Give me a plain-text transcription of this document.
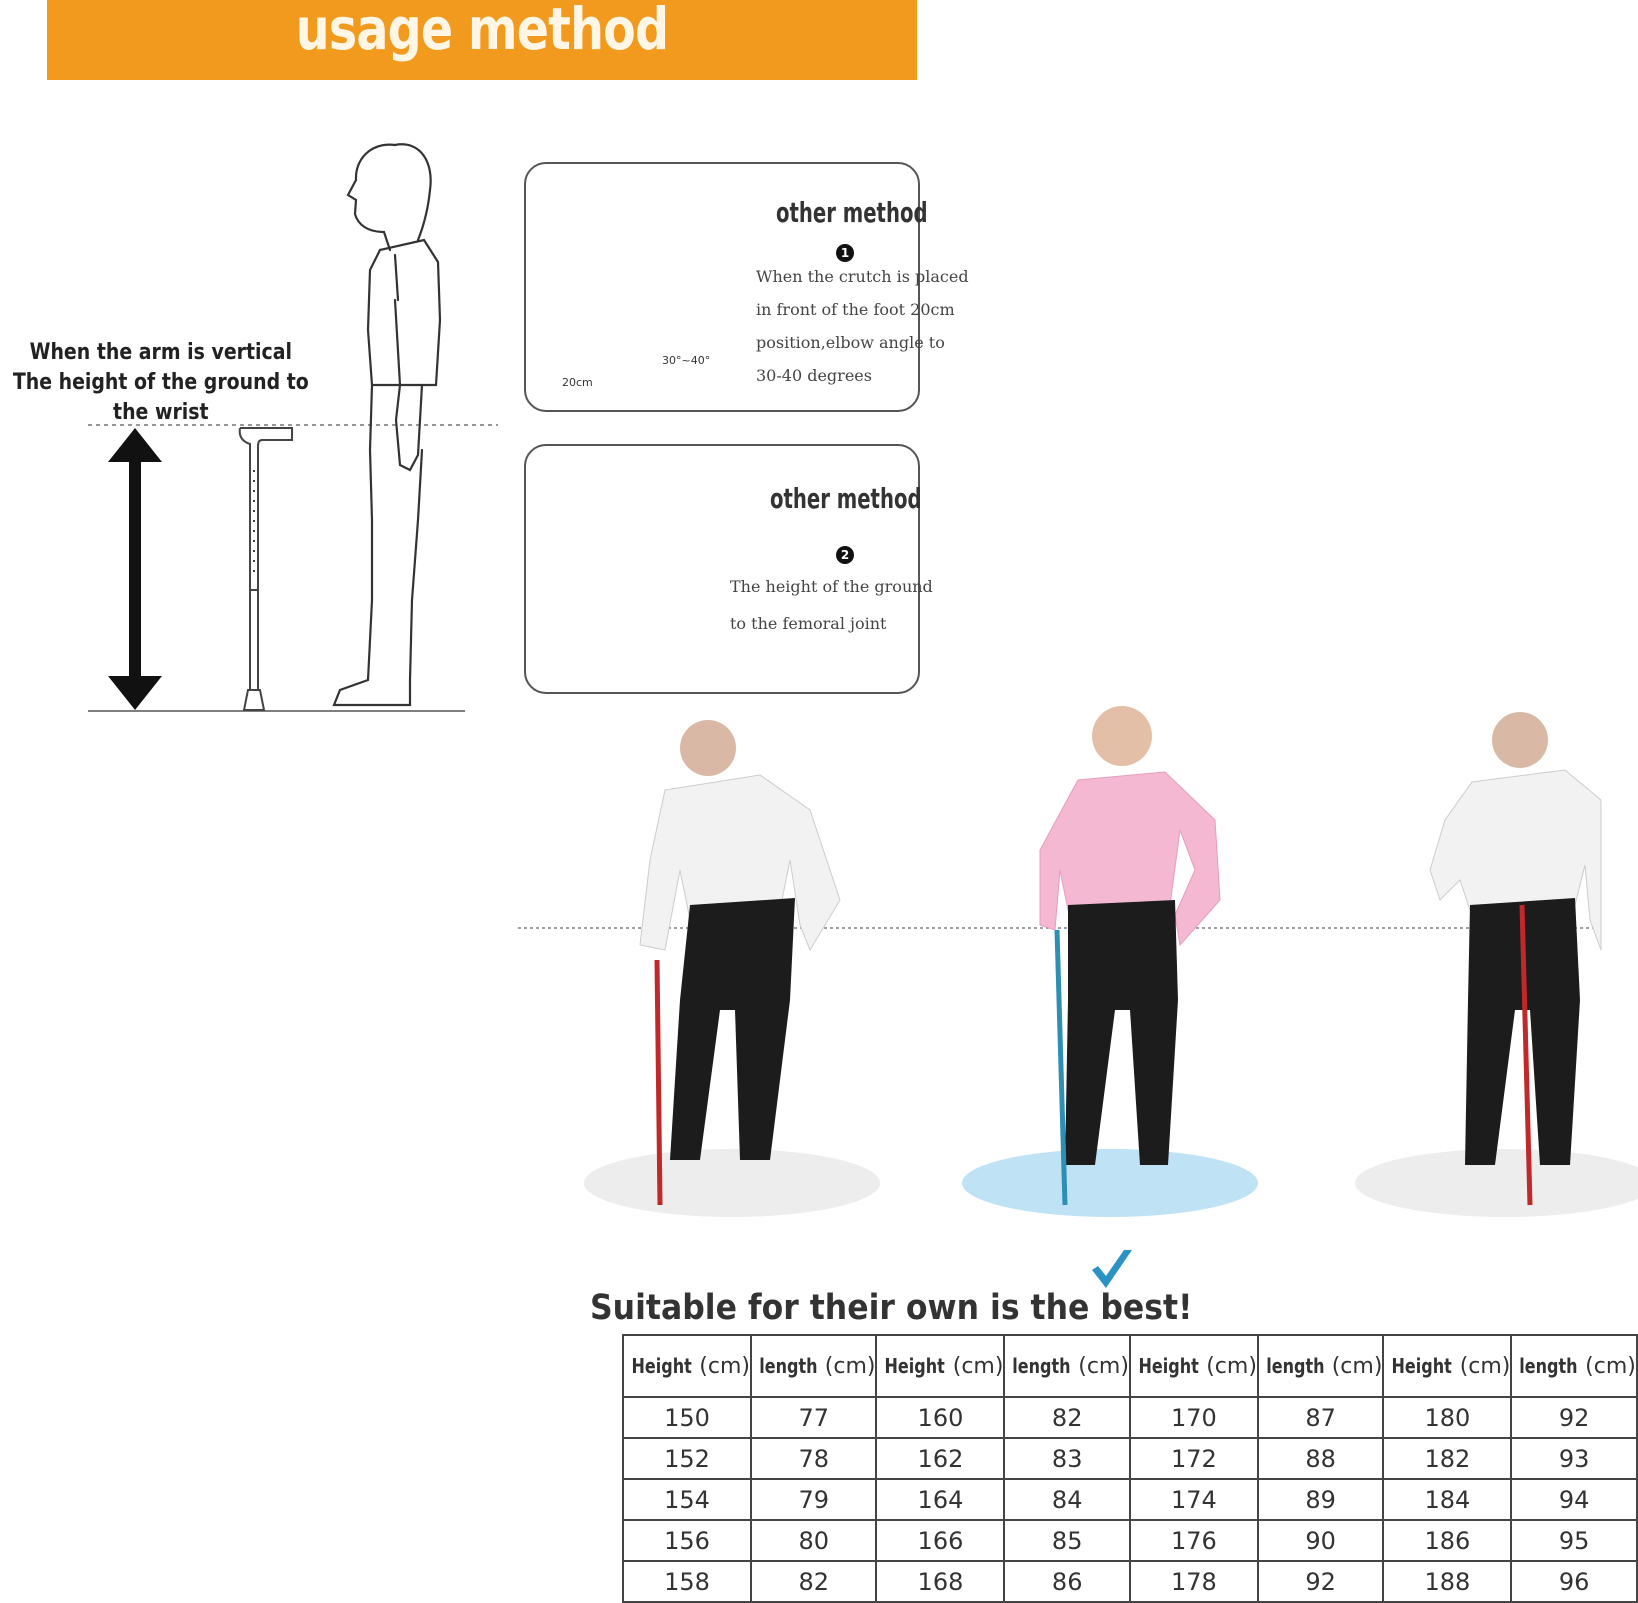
usage method
When the arm is vertical
The height of the ground to the wrist
other method
1
When the crutch is placed
in front of the foot 20cm
position,elbow angle to
30-40 degrees
20cm
30°~40°
other method
2
The height of the ground
to the femoral joint
Suitable for their own is the best!
Height (cm)	length (cm)	Height (cm)	length (cm)	Height (cm)	length (cm)	Height (cm)	length (cm)
150	77	160	82	170	87	180	92
152	78	162	83	172	88	182	93
154	79	164	84	174	89	184	94
156	80	166	85	176	90	186	95
158	82	168	86	178	92	188	96
